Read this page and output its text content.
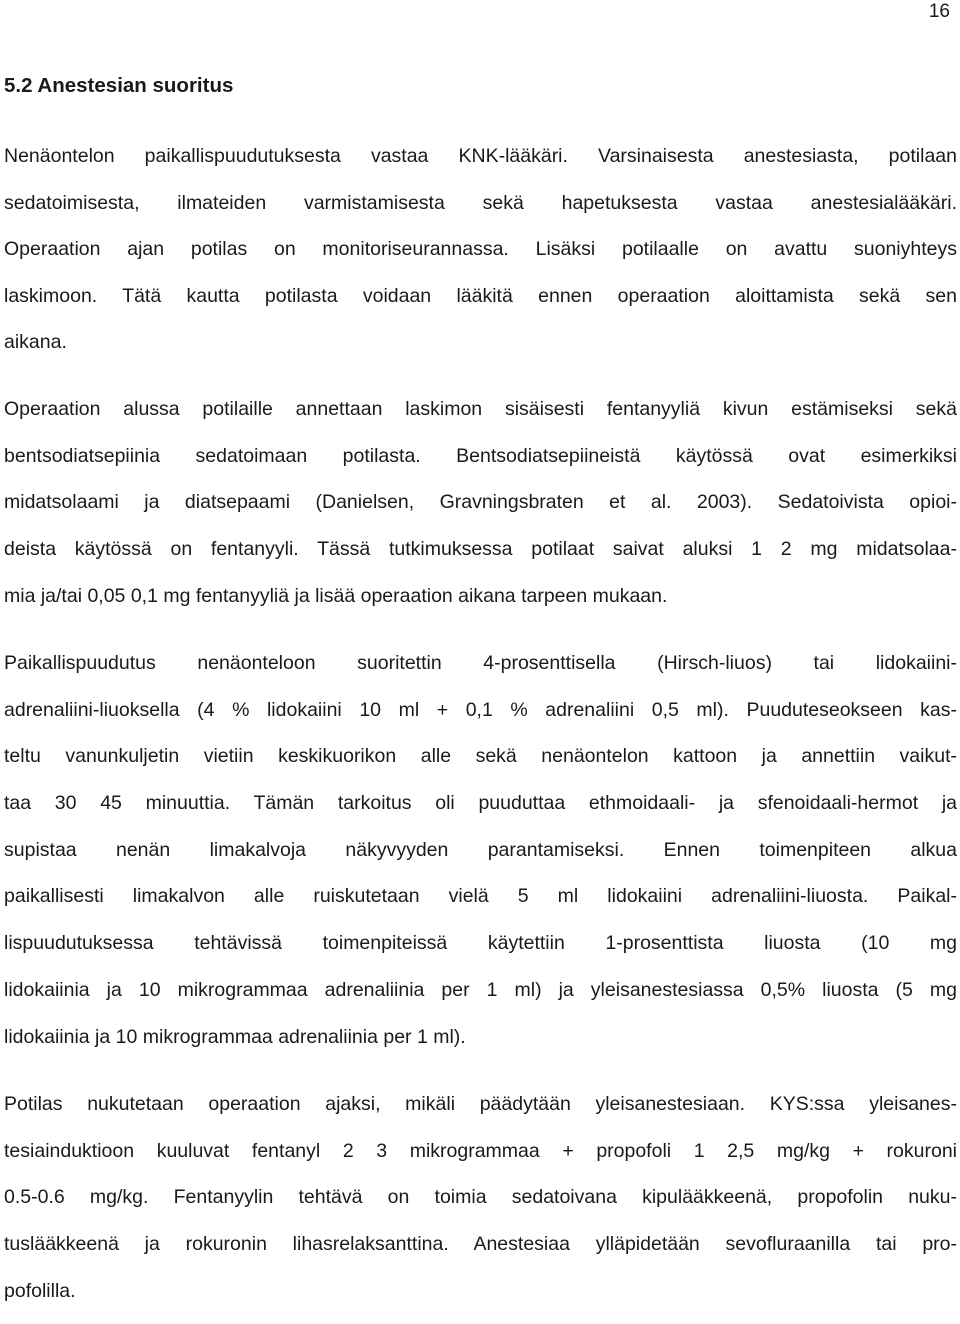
16
5.2 Anestesian suoritus
Nenäontelon paikallispuudutuksesta vastaa KNK-lääkäri. Varsinaisesta anestesiasta, potilaan
sedatoimisesta, ilmateiden varmistamisesta sekä hapetuksesta vastaa anestesialääkäri.
Operaation ajan potilas on monitoriseurannassa. Lisäksi potilaalle on avattu suoniyhteys
laskimoon. Tätä kautta potilasta voidaan lääkitä ennen operaation aloittamista sekä sen
aikana.
Operaation alussa potilaille annettaan laskimon sisäisesti fentanyyliä kivun estämiseksi sekä
bentsodiatsepiinia sedatoimaan potilasta. Bentsodiatsepiineistä käytössä ovat esimerkiksi
midatsolaami ja diatsepaami (Danielsen, Gravningsbraten et al. 2003). Sedatoivista opioi-
deista käytössä on fentanyyli. Tässä tutkimuksessa potilaat saivat aluksi 1 2 mg midatsolaa-
mia ja/tai 0,05 0,1 mg fentanyyliä ja lisää operaation aikana tarpeen mukaan.
Paikallispuudutus nenäonteloon suoritettin 4-prosenttisella (Hirsch-liuos) tai lidokaiini-
adrenaliini-liuoksella (4 % lidokaiini 10 ml + 0,1 % adrenaliini 0,5 ml). Puuduteseokseen kas-
teltu vanunkuljetin vietiin keskikuorikon alle sekä nenäontelon kattoon ja annettiin vaikut-
taa 30 45 minuuttia. Tämän tarkoitus oli puuduttaa ethmoidaali- ja sfenoidaali-hermot ja
supistaa nenän limakalvoja näkyvyyden parantamiseksi. Ennen toimenpiteen alkua
paikallisesti limakalvon alle ruiskutetaan vielä 5 ml lidokaiini adrenaliini-liuosta. Paikal-
lispuudutuksessa tehtävissä toimenpiteissä käytettiin 1-prosenttista liuosta (10 mg
lidokaiinia ja 10 mikrogrammaa adrenaliinia per 1 ml) ja yleisanestesiassa 0,5% liuosta (5 mg
lidokaiinia ja 10 mikrogrammaa adrenaliinia per 1 ml).
Potilas nukutetaan operaation ajaksi, mikäli päädytään yleisanestesiaan. KYS:ssa yleisanes-
tesiainduktioon kuuluvat fentanyl 2 3 mikrogrammaa + propofoli 1 2,5 mg/kg + rokuroni
0.5-0.6 mg/kg. Fentanyylin tehtävä on toimia sedatoivana kipulääkkeenä, propofolin nuku-
tuslääkkeenä ja rokuronin lihasrelaksanttina. Anestesiaa ylläpidetään sevofluraanilla tai pro-
pofolilla.
